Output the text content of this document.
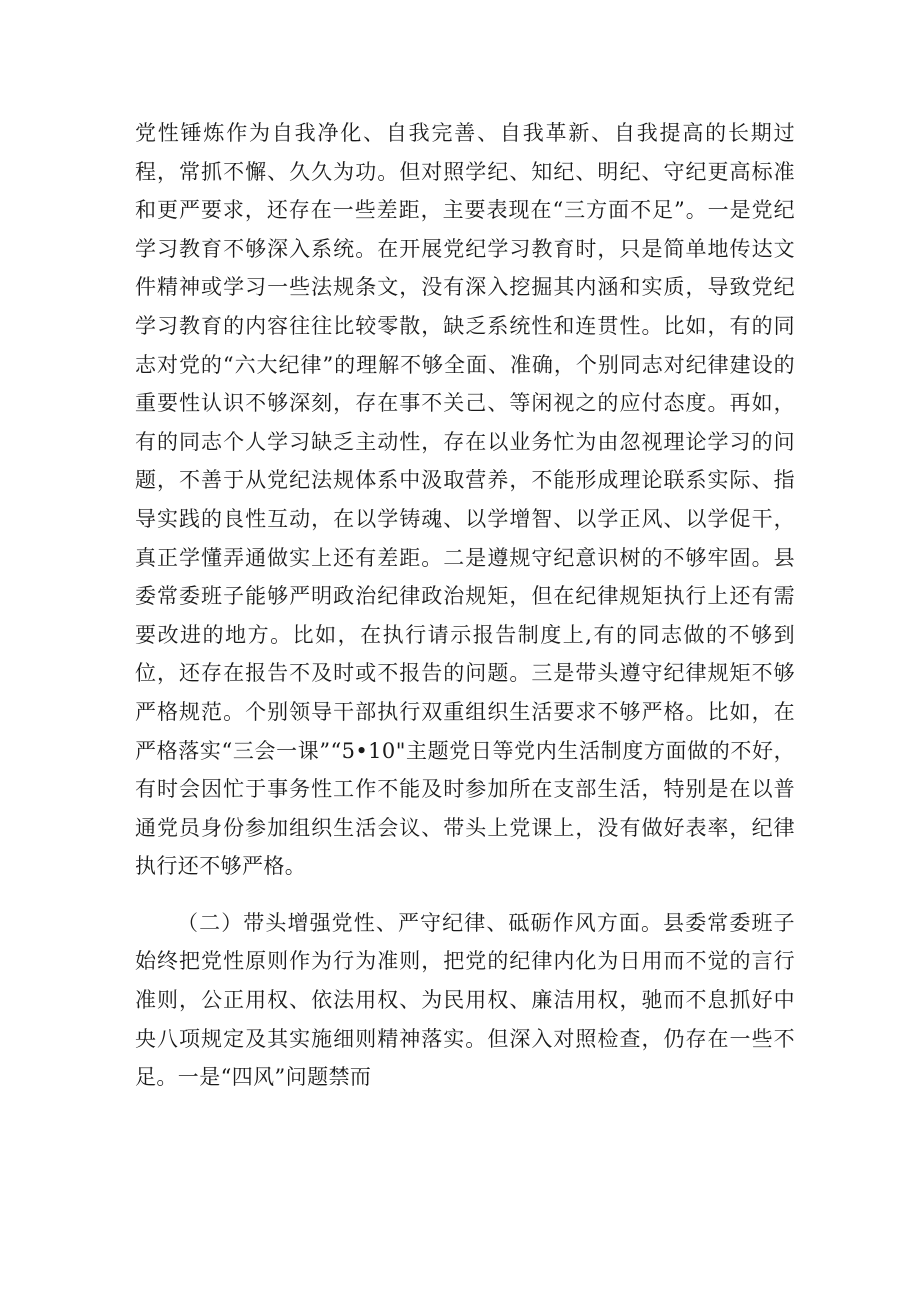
党性锤炼作为自我净化、自我完善、自我革新、自我提高的长期过程，常抓不懈、久久为功。但对照学纪、知纪、明纪、守纪更高标准和更严要求，还存在一些差距，主要表现在“三方面不足”。一是党纪学习教育不够深入系统。在开展党纪学习教育时，只是简单地传达文件精神或学习一些法规条文，没有深入挖掘其内涵和实质，导致党纪学习教育的内容往往比较零散，缺乏系统性和连贯性。比如，有的同志对党的“六大纪律”的理解不够全面、准确，个别同志对纪律建设的重要性认识不够深刻，存在事不关己、等闲视之的应付态度。再如，有的同志个人学习缺乏主动性，存在以业务忙为由忽视理论学习的问题，不善于从党纪法规体系中汲取营养，不能形成理论联系实际、指导实践的良性互动，在以学铸魂、以学增智、以学正风、以学促干，真正学懂弄通做实上还有差距。二是遵规守纪意识树的不够牢固。县委常委班子能够严明政治纪律政治规矩，但在纪律规矩执行上还有需要改进的地方。比如，在执行请示报告制度上,有的同志做的不够到位，还存在报告不及时或不报告的问题。三是带头遵守纪律规矩不够严格规范。个别领导干部执行双重组织生活要求不够严格。比如，在严格落实“三会一课”“5•10"主题党日等党内生活制度方面做的不好，有时会因忙于事务性工作不能及时参加所在支部生活，特别是在以普通党员身份参加组织生活会议、带头上党课上，没有做好表率，纪律执行还不够严格。

（二）带头增强党性、严守纪律、砥砺作风方面。县委常委班子始终把党性原则作为行为准则，把党的纪律内化为日用而不觉的言行准则，公正用权、依法用权、为民用权、廉洁用权，驰而不息抓好中央八项规定及其实施细则精神落实。但深入对照检查，仍存在一些不足。一是“四风”问题禁而
